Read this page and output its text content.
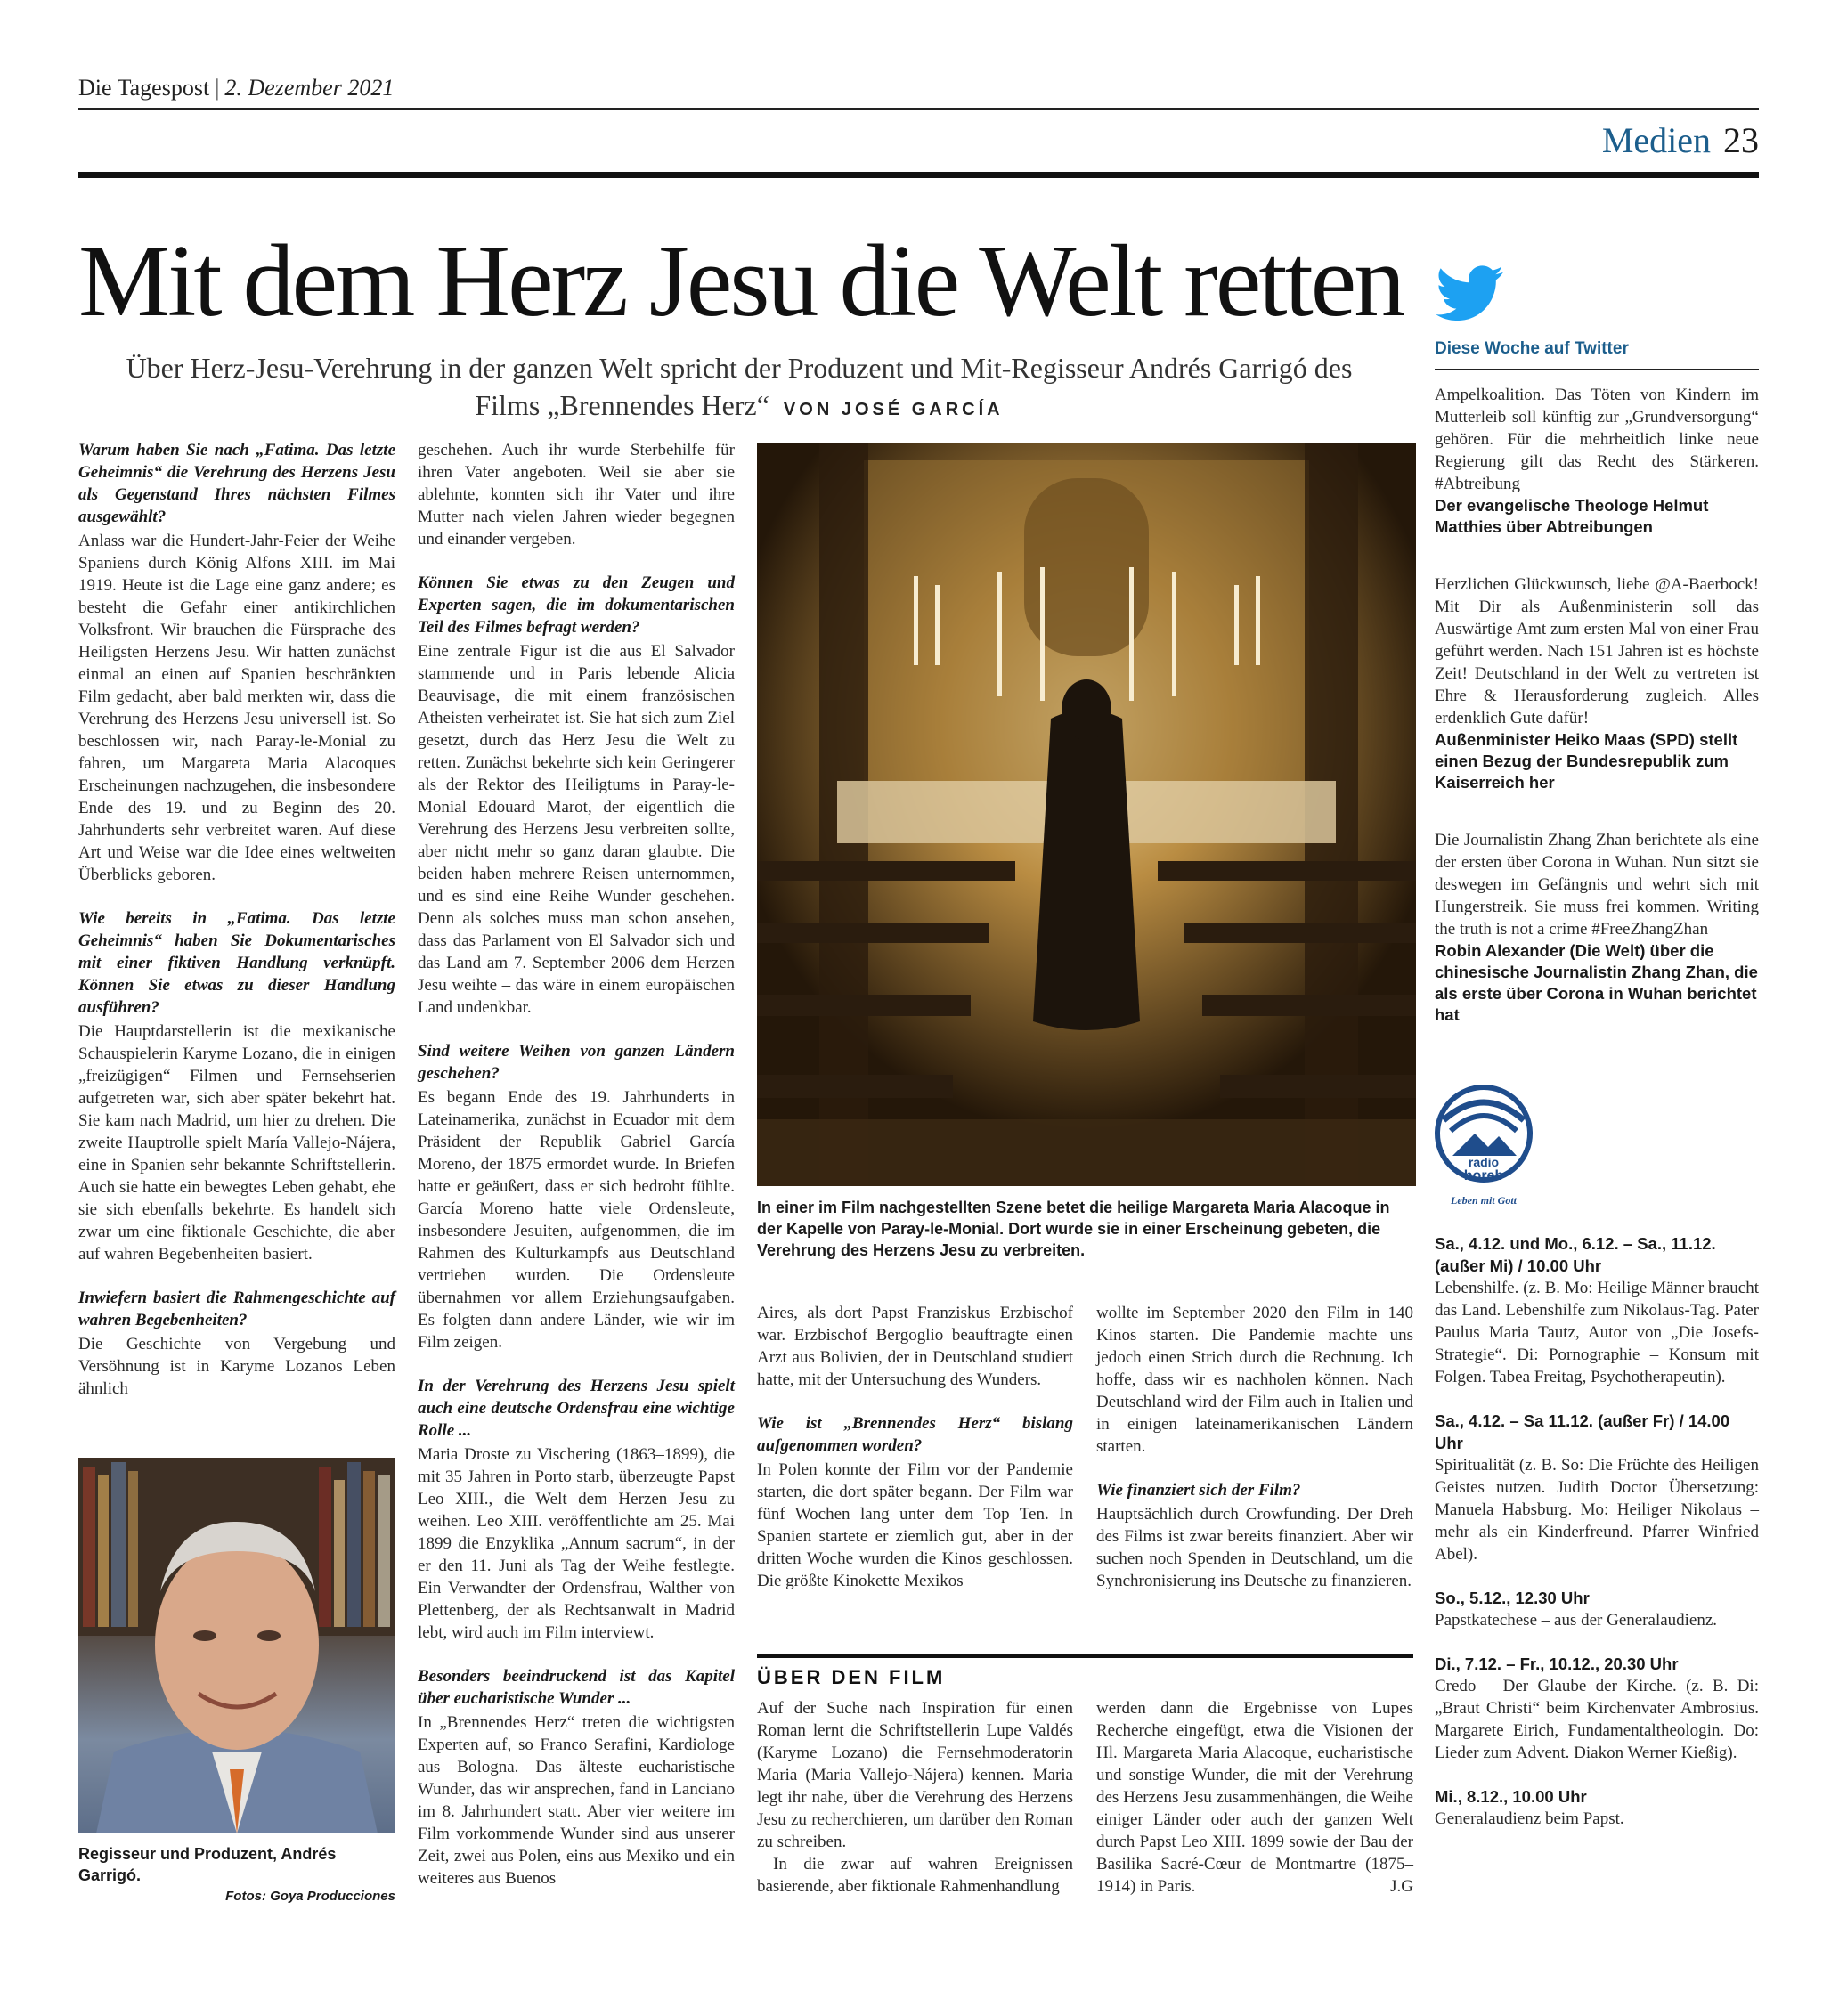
Die Tagespost | 2. Dezember 2021
Medien 23
Mit dem Herz Jesu die Welt retten
Über Herz-Jesu-Verehrung in der ganzen Welt spricht der Produzent und Mit-Regisseur Andrés Garrigó des Films „Brennendes Herz“ VON JOSÉ GARCÍA

Warum haben Sie nach „Fatima. Das letzte Geheimnis“ die Verehrung des Herzens Jesu als Gegenstand Ihres nächsten Filmes ausgewählt?

Anlass war die Hundert-Jahr-Feier der Weihe Spaniens durch König Alfons XIII. im Mai 1919. Heute ist die Lage eine ganz andere; es besteht die Gefahr einer antikirchlichen Volksfront. Wir brauchen die Fürsprache des Heiligsten Herzens Jesu. Wir hatten zunächst einmal an einen auf Spanien beschränkten Film gedacht, aber bald merkten wir, dass die Verehrung des Herzens Jesu universell ist. So beschlossen wir, nach Paray-le-Monial zu fahren, um Margareta Maria Alacoques Erscheinungen nachzugehen, die insbesondere Ende des 19. und zu Beginn des 20. Jahrhunderts sehr verbreitet waren. Auf diese Art und Weise war die Idee eines weltweiten Überblicks geboren.

Wie bereits in „Fatima. Das letzte Geheimnis“ haben Sie Dokumentarisches mit einer fiktiven Handlung verknüpft. Können Sie etwas zu dieser Handlung ausführen?

Die Hauptdarstellerin ist die mexikanische Schauspielerin Karyme Lozano, die in einigen „freizügigen“ Filmen und Fernsehserien aufgetreten war, sich aber später bekehrt hat. Sie kam nach Madrid, um hier zu drehen. Die zweite Hauptrolle spielt María Vallejo-Nájera, eine in Spanien sehr bekannte Schriftstellerin. Auch sie hatte ein bewegtes Leben gehabt, ehe sie sich ebenfalls bekehrte. Es handelt sich zwar um eine fiktionale Geschichte, die aber auf wahren Begebenheiten basiert.

Inwiefern basiert die Rahmengeschichte auf wahren Begebenheiten?

Die Geschichte von Vergebung und Versöhnung ist in Karyme Lozanos Leben ähnlich

Regisseur und Produzent, Andrés Garrigó.
Fotos: Goya Producciones

geschehen. Auch ihr wurde Sterbehilfe für ihren Vater angeboten. Weil sie aber sie ablehnte, konnten sich ihr Vater und ihre Mutter nach vielen Jahren wieder begegnen und einander vergeben.

Können Sie etwas zu den Zeugen und Experten sagen, die im dokumentarischen Teil des Filmes befragt werden?

Eine zentrale Figur ist die aus El Salvador stammende und in Paris lebende Alicia Beauvisage, die mit einem französischen Atheisten verheiratet ist. Sie hat sich zum Ziel gesetzt, durch das Herz Jesu die Welt zu retten. Zunächst bekehrte sich kein Geringerer als der Rektor des Heiligtums in Paray-le-Monial Edouard Marot, der eigentlich die Verehrung des Herzens Jesu verbreiten sollte, aber nicht mehr so ganz daran glaubte. Die beiden haben mehrere Reisen unternommen, und es sind eine Reihe Wunder geschehen. Denn als solches muss man schon ansehen, dass das Parlament von El Salvador sich und das Land am 7. September 2006 dem Herzen Jesu weihte – das wäre in einem europäischen Land undenkbar.

Sind weitere Weihen von ganzen Ländern geschehen?

Es begann Ende des 19. Jahrhunderts in Lateinamerika, zunächst in Ecuador mit dem Präsident der Republik Gabriel García Moreno, der 1875 ermordet wurde. In Briefen hatte er geäußert, dass er sich bedroht fühlte. García Moreno hatte viele Ordensleute, insbesondere Jesuiten, aufgenommen, die im Rahmen des Kulturkampfs aus Deutschland vertrieben wurden. Die Ordensleute übernahmen vor allem Erziehungsaufgaben. Es folgten dann andere Länder, wie wir im Film zeigen.

In der Verehrung des Herzens Jesu spielt auch eine deutsche Ordensfrau eine wichtige Rolle ...

Maria Droste zu Vischering (1863–1899), die mit 35 Jahren in Porto starb, überzeugte Papst Leo XIII., die Welt dem Herzen Jesu zu weihen. Leo XIII. veröffentlichte am 25. Mai 1899 die Enzyklika „Annum sacrum“, in der er den 11. Juni als Tag der Weihe festlegte. Ein Verwandter der Ordensfrau, Walther von Plettenberg, der als Rechtsanwalt in Madrid lebt, wird auch im Film interviewt.

Besonders beeindruckend ist das Kapitel über eucharistische Wunder ...

In „Brennendes Herz“ treten die wichtigsten Experten auf, so Franco Serafini, Kardiologe aus Bologna. Das älteste eucharistische Wunder, das wir ansprechen, fand in Lanciano im 8. Jahrhundert statt. Aber vier weitere im Film vorkommende Wunder sind aus unserer Zeit, zwei aus Polen, eins aus Mexiko und ein weiteres aus Buenos

In einer im Film nachgestellten Szene betet die heilige Margareta Maria Alacoque in der Kapelle von Paray-le-Monial. Dort wurde sie in einer Erscheinung gebeten, die Verehrung des Herzens Jesu zu verbreiten.

Aires, als dort Papst Franziskus Erzbischof war. Erzbischof Bergoglio beauftragte einen Arzt aus Bolivien, der in Deutschland studiert hatte, mit der Untersuchung des Wunders.

Wie ist „Brennendes Herz“ bislang aufgenommen worden?

In Polen konnte der Film vor der Pandemie starten, die dort später begann. Der Film war fünf Wochen lang unter dem Top Ten. In Spanien startete er ziemlich gut, aber in der dritten Woche wurden die Kinos geschlossen. Die größte Kinokette Mexikos

wollte im September 2020 den Film in 140 Kinos starten. Die Pandemie machte uns jedoch einen Strich durch die Rechnung. Ich hoffe, dass wir es nachholen können. Nach Deutschland wird der Film auch in Italien und in einigen lateinamerikanischen Ländern starten.

Wie finanziert sich der Film?

Hauptsächlich durch Crowfunding. Der Dreh des Films ist zwar bereits finanziert. Aber wir suchen noch Spenden in Deutschland, um die Synchronisierung ins Deutsche zu finanzieren.

ÜBER DEN FILM

Auf der Suche nach Inspiration für einen Roman lernt die Schriftstellerin Lupe Valdés (Karyme Lozano) die Fernsehmoderatorin Maria (Maria Vallejo-Nájera) kennen. Maria legt ihr nahe, über die Verehrung des Herzens Jesu zu recherchieren, um darüber den Roman zu schreiben.

In die zwar auf wahren Ereignissen basierende, aber fiktionale Rahmenhandlung

werden dann die Ergebnisse von Lupes Recherche eingefügt, etwa die Visionen der Hl. Margareta Maria Alacoque, eucharistische und sonstige Wunder, die mit der Verehrung des Herzens Jesu zusammenhängen, die Weihe einiger Länder oder auch der ganzen Welt durch Papst Leo XIII. 1899 sowie der Bau der Basilika Sacré-Cœur de Montmartre (1875–1914) in Paris.	J.G

Diese Woche auf Twitter
Ampelkoalition. Das Töten von Kindern im Mutterleib soll künftig zur „Grundversorgung“ gehören. Für die mehrheitlich linke neue Regierung gilt das Recht des Stärkeren. #Abtreibung
Der evangelische Theologe Helmut Matthies über Abtreibungen
Herzlichen Glückwunsch, liebe @A-Baerbock! Mit Dir als Außenministerin soll das Auswärtige Amt zum ersten Mal von einer Frau geführt werden. Nach 151 Jahren ist es höchste Zeit! Deutschland in der Welt zu vertreten ist Ehre & Herausforderung zugleich. Alles erdenklich Gute dafür!
Außenminister Heiko Maas (SPD) stellt einen Bezug der Bundesrepublik zum Kaiserreich her
Die Journalistin Zhang Zhan berichtete als eine der ersten über Corona in Wuhan. Nun sitzt sie deswegen im Gefängnis und wehrt sich mit Hungerstreik. Sie muss frei kommen. Writing the truth is not a crime #FreeZhangZhan
Robin Alexander (Die Welt) über die chinesische Journalistin Zhang Zhan, die als erste über Corona in Wuhan berichtet hat
radio
horeb
Leben mit Gott
Sa., 4.12. und Mo., 6.12. – Sa., 11.12. (außer Mi) / 10.00 Uhr
Lebenshilfe. (z. B. Mo: Heilige Männer braucht das Land. Lebenshilfe zum Nikolaus-Tag. Pater Paulus Maria Tautz, Autor von „Die Josefs-Strategie“. Di: Pornographie – Konsum mit Folgen. Tabea Freitag, Psychotherapeutin).
Sa., 4.12. – Sa 11.12. (außer Fr) / 14.00 Uhr
Spiritualität (z. B. So: Die Früchte des Heiligen Geistes nutzen. Judith Doctor Übersetzung: Manuela Habsburg. Mo: Heiliger Nikolaus – mehr als ein Kinderfreund. Pfarrer Winfried Abel).
So., 5.12., 12.30 Uhr
Papstkatechese – aus der Generalaudienz.
Di., 7.12. – Fr., 10.12., 20.30 Uhr
Credo – Der Glaube der Kirche. (z. B. Di: „Braut Christi“ beim Kirchenvater Ambrosius. Margarete Eirich, Fundamentaltheologin. Do: Lieder zum Advent. Diakon Werner Kießig).
Mi., 8.12., 10.00 Uhr
Generalaudienz beim Papst.
